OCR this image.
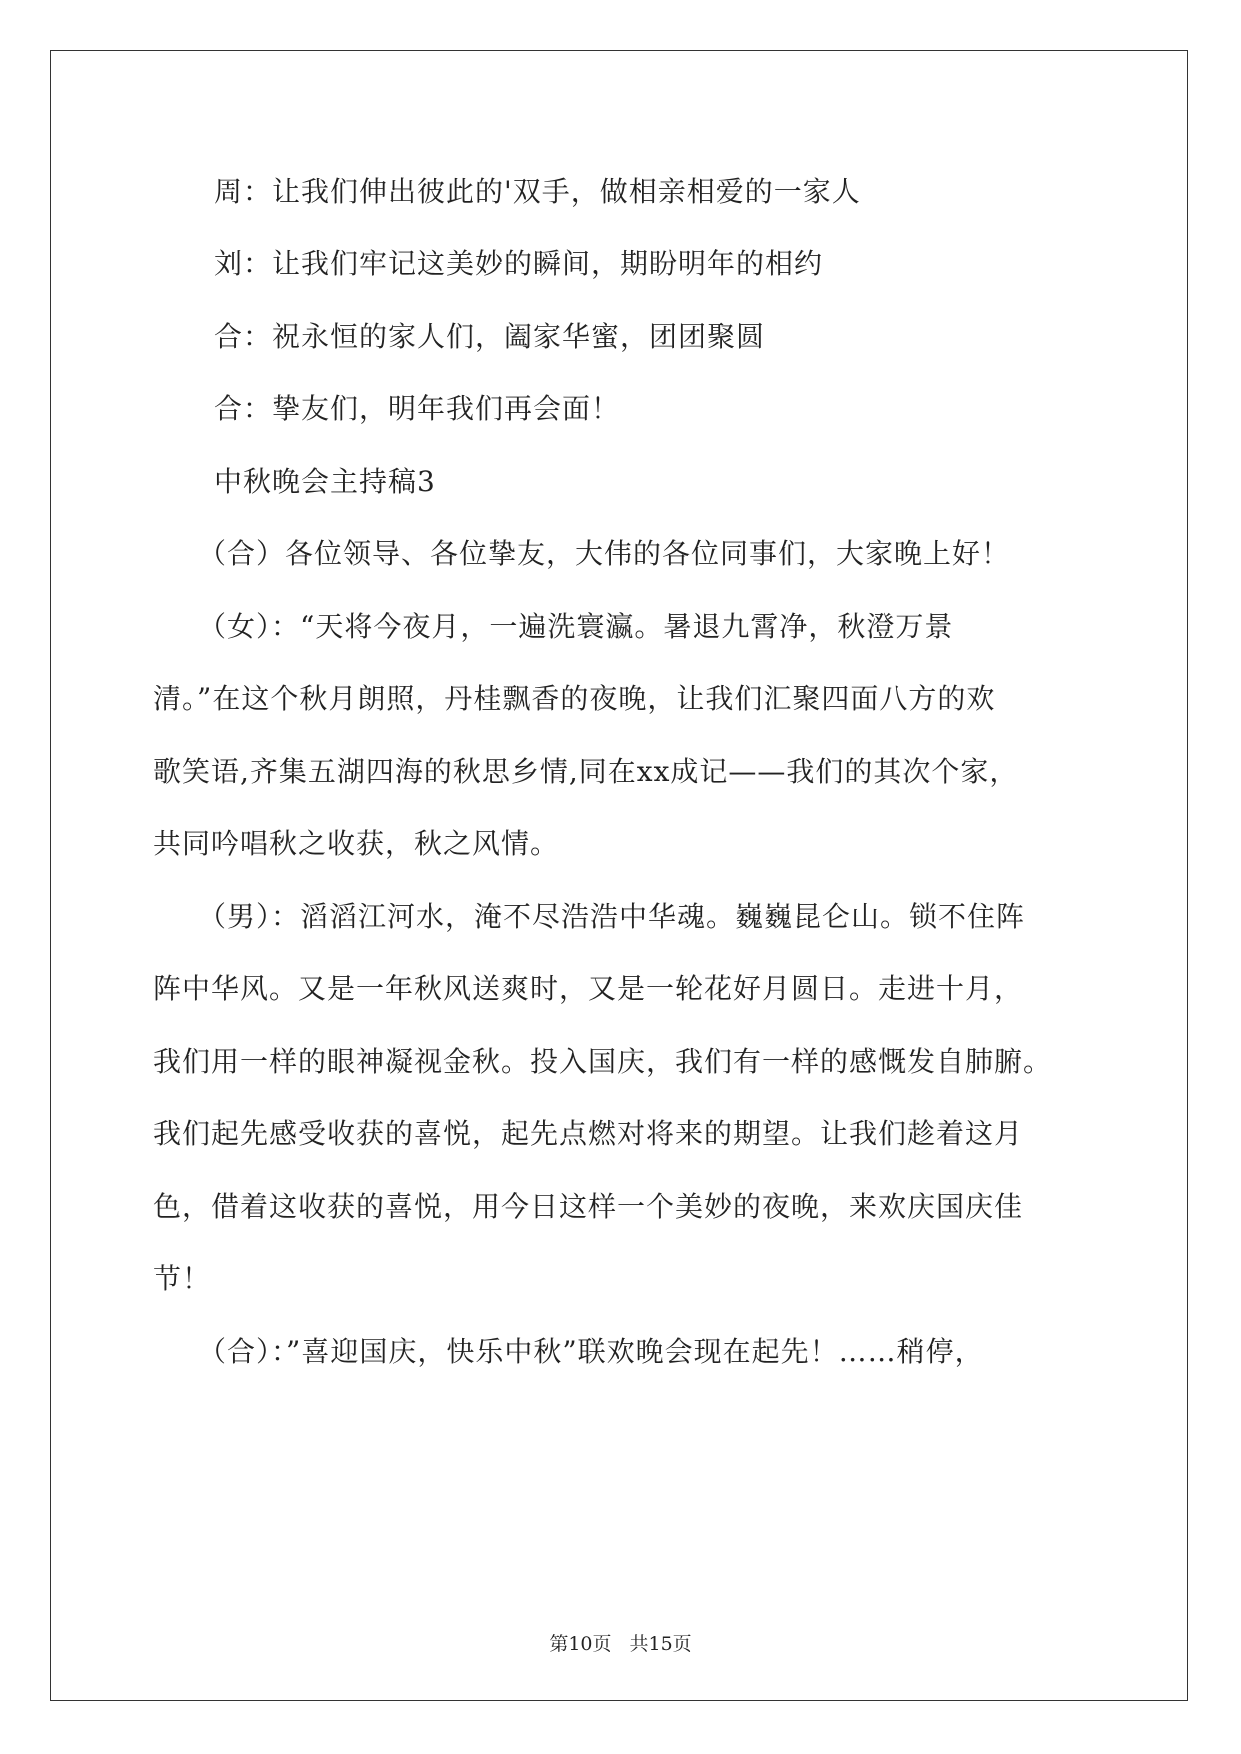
周：让我们伸出彼此的'双手，做相亲相爱的一家人
刘：让我们牢记这美妙的瞬间，期盼明年的相约
合：祝永恒的家人们，阖家华蜜，团团聚圆
合：挚友们，明年我们再会面！
中秋晚会主持稿3
（合）各位领导、各位挚友，大伟的各位同事们，大家晚上好！
（女）：“天将今夜月，一遍洗寰瀛。暑退九霄净，秋澄万景
清。”在这个秋月朗照，丹桂飘香的夜晚，让我们汇聚四面八方的欢
歌笑语,齐集五湖四海的秋思乡情,同在xx成记——我们的其次个家，
共同吟唱秋之收获，秋之风情。
（男）：滔滔江河水，淹不尽浩浩中华魂。巍巍昆仑山。锁不住阵
阵中华风。又是一年秋风送爽时，又是一轮花好月圆日。走进十月，
我们用一样的眼神凝视金秋。投入国庆，我们有一样的感慨发自肺腑。
我们起先感受收获的喜悦，起先点燃对将来的期望。让我们趁着这月
色，借着这收获的喜悦，用今日这样一个美妙的夜晚，来欢庆国庆佳
节！
（合）：”喜迎国庆，快乐中秋”联欢晚会现在起先！……稍停，
第10页 共15页
